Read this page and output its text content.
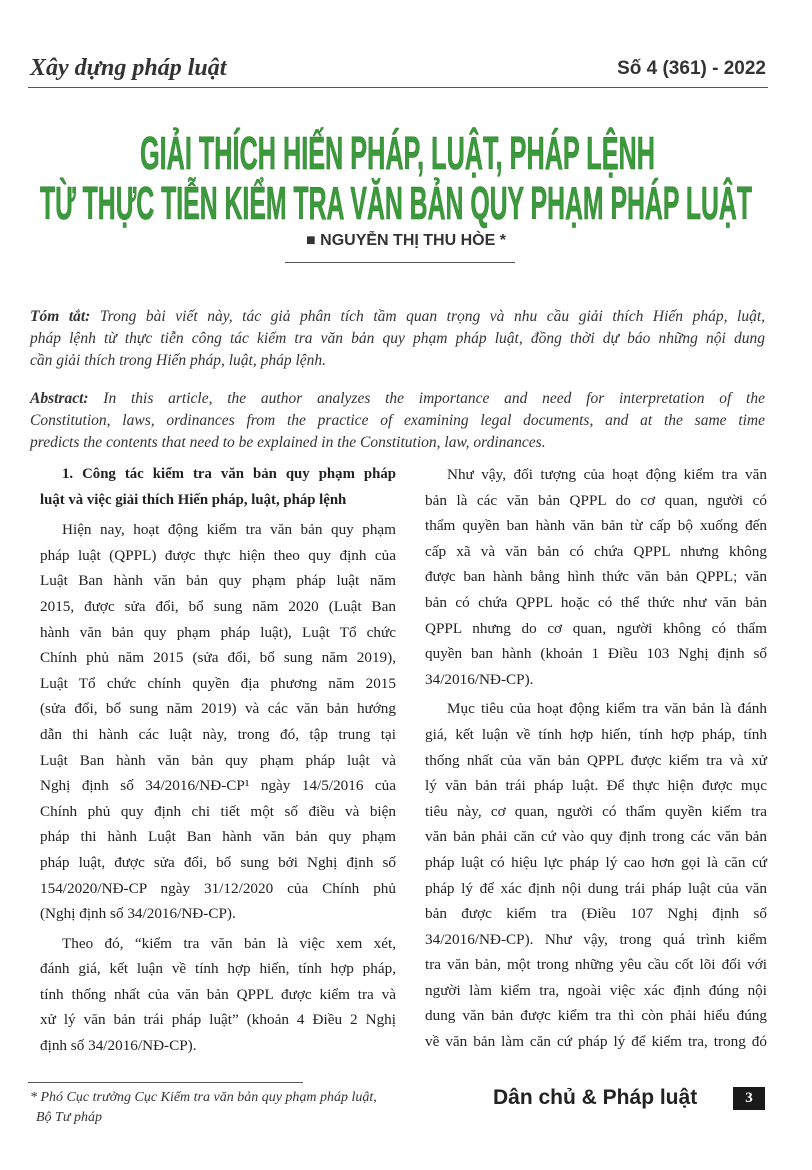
Xây dựng pháp luật	Số 4 (361) - 2022
GIẢI THÍCH HIẾN PHÁP, LUẬT, PHÁP LỆNH
TỪ THỰC TIỄN KIỂM TRA VĂN BẢN QUY PHẠM PHÁP LUẬT
■ NGUYỄN THỊ THU HÒE *
Tóm tắt: Trong bài viết này, tác giả phân tích tầm quan trọng và nhu cầu giải thích Hiến pháp, luật,
pháp lệnh từ thực tiễn công tác kiểm tra văn bản quy phạm pháp luật, đồng thời dự báo những nội dung
cần giải thích trong Hiến pháp, luật, pháp lệnh.
Abstract: In this article, the author analyzes the importance and need for interpretation of the
Constitution, laws, ordinances from the practice of examining legal documents, and at the same time
predicts the contents that need to be explained in the Constitution, law, ordinances.
1. Công tác kiểm tra văn bản quy phạm pháp
luật và việc giải thích Hiến pháp, luật, pháp lệnh
Hiện nay, hoạt động kiểm tra văn bản quy phạm
pháp luật (QPPL) được thực hiện theo quy định của
Luật Ban hành văn bản quy phạm pháp luật năm
2015, được sửa đổi, bổ sung năm 2020 (Luật Ban
hành văn bản quy phạm pháp luật), Luật Tổ chức
Chính phủ năm 2015 (sửa đổi, bổ sung năm 2019),
Luật Tổ chức chính quyền địa phương năm 2015
(sửa đổi, bổ sung năm 2019) và các văn bản hướng
dẫn thi hành các luật này, trong đó, tập trung tại
Luật Ban hành văn bản quy phạm pháp luật và
Nghị định số 34/2016/NĐ-CP¹ ngày 14/5/2016 của
Chính phủ quy định chi tiết một số điều và biện
pháp thi hành Luật Ban hành văn bản quy phạm
pháp luật, được sửa đổi, bổ sung bởi Nghị định số
154/2020/NĐ-CP ngày 31/12/2020 của Chính phủ
(Nghị định số 34/2016/NĐ-CP).
Theo đó, “kiểm tra văn bản là việc xem xét,
đánh giá, kết luận về tính hợp hiến, tính hợp pháp,
tính thống nhất của văn bản QPPL được kiểm tra và
xử lý văn bản trái pháp luật” (khoản 4 Điều 2 Nghị
định số 34/2016/NĐ-CP).
Như vậy, đối tượng của hoạt động kiểm tra văn
bản là các văn bản QPPL do cơ quan, người có
thẩm quyền ban hành văn bản từ cấp bộ xuống đến
cấp xã và văn bản có chứa QPPL nhưng không
được ban hành bằng hình thức văn bản QPPL; văn
bản có chứa QPPL hoặc có thể thức như văn bản
QPPL nhưng do cơ quan, người không có thẩm
quyền ban hành (khoản 1 Điều 103 Nghị định số
34/2016/NĐ-CP).
Mục tiêu của hoạt động kiểm tra văn bản là đánh
giá, kết luận về tính hợp hiến, tính hợp pháp, tính
thống nhất của văn bản QPPL được kiểm tra và xử
lý văn bản trái pháp luật. Để thực hiện được mục
tiêu này, cơ quan, người có thẩm quyền kiểm tra
văn bản phải căn cứ vào quy định trong các văn bản
pháp luật có hiệu lực pháp lý cao hơn gọi là căn cứ
pháp lý để xác định nội dung trái pháp luật của văn
bản được kiểm tra (Điều 107 Nghị định số
34/2016/NĐ-CP). Như vậy, trong quá trình kiểm
tra văn bản, một trong những yêu cầu cốt lõi đối với
người làm kiểm tra, ngoài việc xác định đúng nội
dung văn bản được kiểm tra thì còn phải hiểu đúng
về văn bản làm căn cứ pháp lý để kiểm tra, trong đó
* Phó Cục trưởng Cục Kiểm tra văn bản quy phạm pháp luật,
Bộ Tư pháp
Dân chủ & Pháp luật	3
